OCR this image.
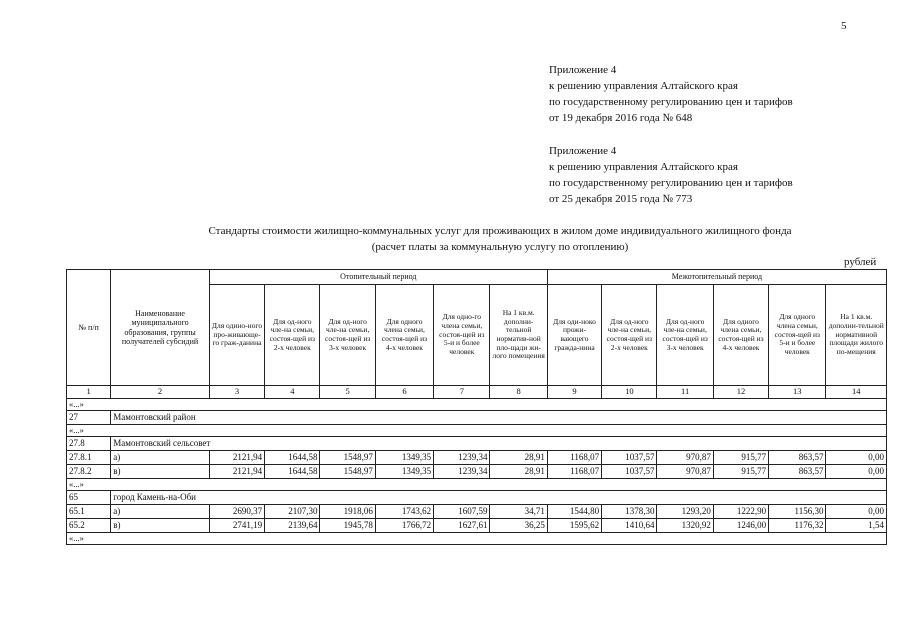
5
Приложение 4
к решению управления Алтайского края
по государственному регулированию цен и тарифов
от 19 декабря 2016 года № 648
Приложение 4
к решению управления Алтайского края
по государственному регулированию цен и тарифов
от 25 декабря 2015 года № 773
Стандарты стоимости жилищно-коммунальных услуг для проживающих в жилом доме индивидуального жилищного фонда
(расчет платы за коммунальную услугу по отоплению)
рублей
№ п/п	Наименование муниципального образования, группы получателей субсидий	Отопительный период						Межотопительный период					
		Для одино-ного про-живающе-го граж-данина	Для од-ного чле-на семьи, состоя-щей из 2-х человек	Для од-ного чле-на семьи, состоя-щей из 3-х человек	Для одного члена семьи, состоя-щей из 4-х человек	Для одно-го члена семьи, состоя-щей из 5-и и более человек	На 1 кв.м. дополни-тельной норматив-ной пло-щади жи-лого помещения	Для оди-ноко прожи-вающего гражда-нина	Для од-ного чле-на семьи, состоя-щей из 2-х человек	Для од-ного чле-на семьи, состоя-щей из 3-х человек	Для одного члена семьи, состоя-щей из 4-х человек	Для одного члена семьи, состоя-щей из 5-и и более человек	На 1 кв.м. дополни-тельной нормативной площади жилого по-мещения
1	2	3	4	5	6	7	8	9	10	11	12	13	14
«...»													
27	Мамонтовский район												
«...»													
27.8	Мамонтовский сельсовет												
27.8.1	а)	2121,94	1644,58	1548,97	1349,35	1239,34	28,91	1168,07	1037,57	970,87	915,77	863,57	0,00
27.8.2	в)	2121,94	1644,58	1548,97	1349,35	1239,34	28,91	1168,07	1037,57	970,87	915,77	863,57	0,00
«...»													
65	город Камень-на-Оби												
65.1	а)	2690,37	2107,30	1918,06	1743,62	1607,59	34,71	1544,80	1378,30	1293,20	1222,90	1156,30	0,00
65.2	в)	2741,19	2139,64	1945,78	1766,72	1627,61	36,25	1595,62	1410,64	1320,92	1246,00	1176,32	1,54
«...»													
